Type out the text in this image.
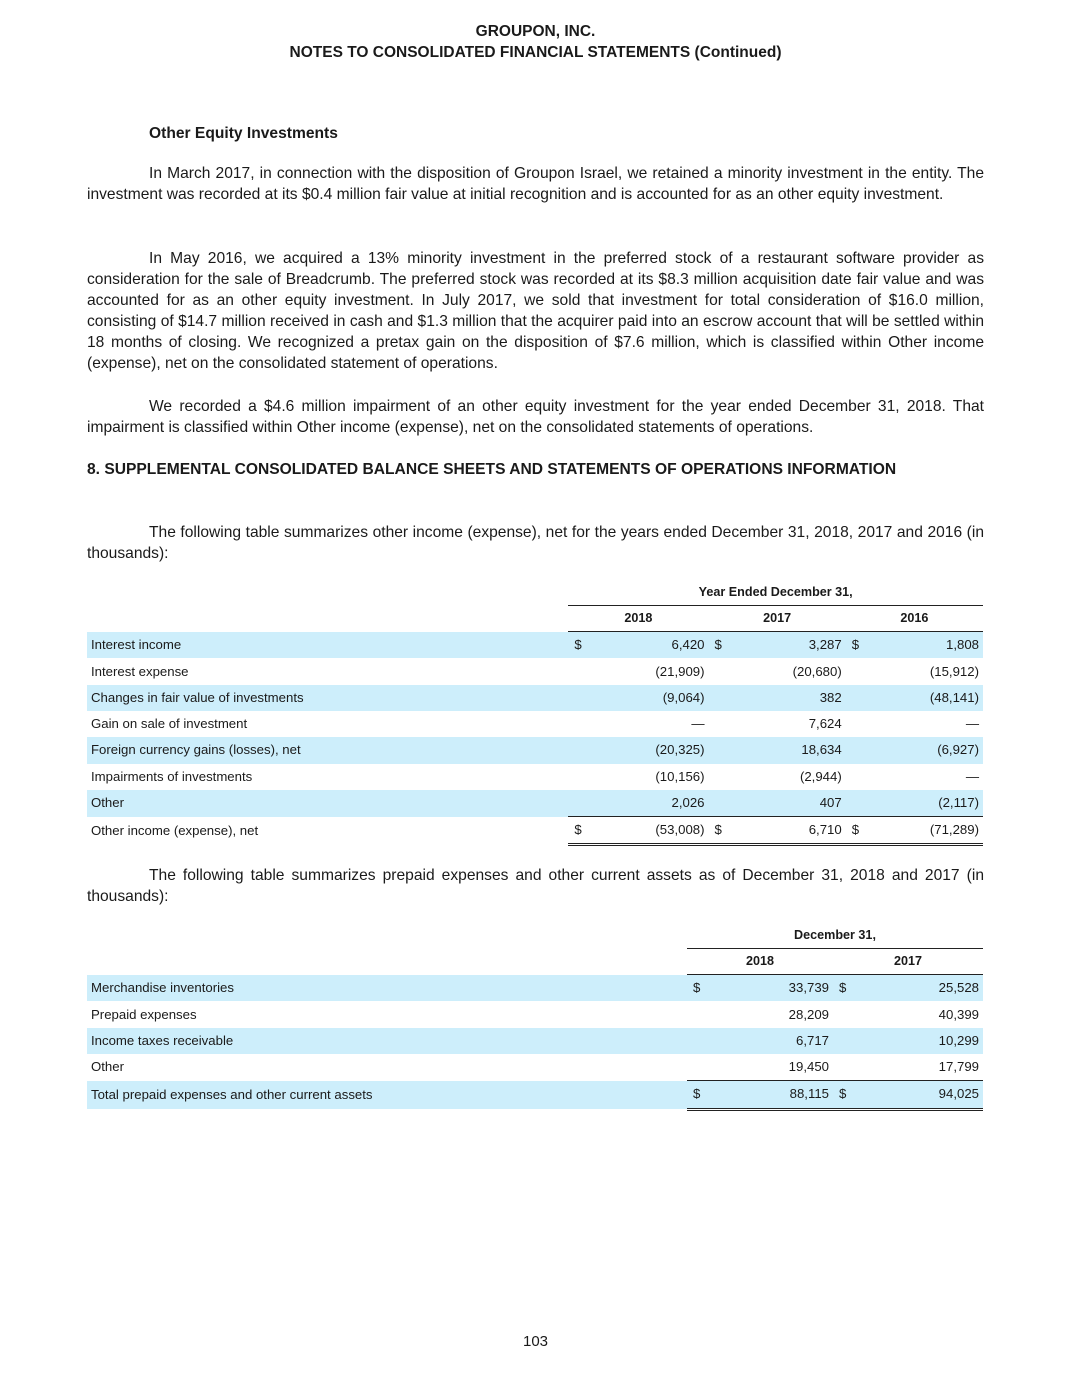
GROUPON, INC.
NOTES TO CONSOLIDATED FINANCIAL STATEMENTS (Continued)
Other Equity Investments
In March 2017, in connection with the disposition of Groupon Israel, we retained a minority investment in the entity. The investment was recorded at its $0.4 million fair value at initial recognition and is accounted for as an other equity investment.
In May 2016, we acquired a 13% minority investment in the preferred stock of a restaurant software provider as consideration for the sale of Breadcrumb. The preferred stock was recorded at its $8.3 million acquisition date fair value and was accounted for as an other equity investment. In July 2017, we sold that investment for total consideration of $16.0 million, consisting of $14.7 million received in cash and $1.3 million that the acquirer paid into an escrow account that will be settled within 18 months of closing. We recognized a pretax gain on the disposition of $7.6 million, which is classified within Other income (expense), net on the consolidated statement of operations.
We recorded a $4.6 million impairment of an other equity investment for the year ended December 31, 2018. That impairment is classified within Other income (expense), net on the consolidated statements of operations.
8. SUPPLEMENTAL CONSOLIDATED BALANCE SHEETS AND STATEMENTS OF OPERATIONS INFORMATION
The following table summarizes other income (expense), net for the years ended December 31, 2018, 2017 and 2016 (in thousands):
	Year Ended December 31,					
	2018		2017		2016	
Interest income	$	6,420	$	3,287	$	1,808
Interest expense		(21,909)		(20,680)		(15,912)
Changes in fair value of investments		(9,064)		382		(48,141)
Gain on sale of investment		—		7,624		—
Foreign currency gains (losses), net		(20,325)		18,634		(6,927)
Impairments of investments		(10,156)		(2,944)		—
Other		2,026		407		(2,117)
Other income (expense), net	$	(53,008)	$	6,710	$	(71,289)
The following table summarizes prepaid expenses and other current assets as of December 31, 2018 and 2017 (in thousands):
	December 31,			
	2018		2017	
Merchandise inventories	$	33,739	$	25,528
Prepaid expenses		28,209		40,399
Income taxes receivable		6,717		10,299
Other		19,450		17,799
Total prepaid expenses and other current assets	$	88,115	$	94,025
103
